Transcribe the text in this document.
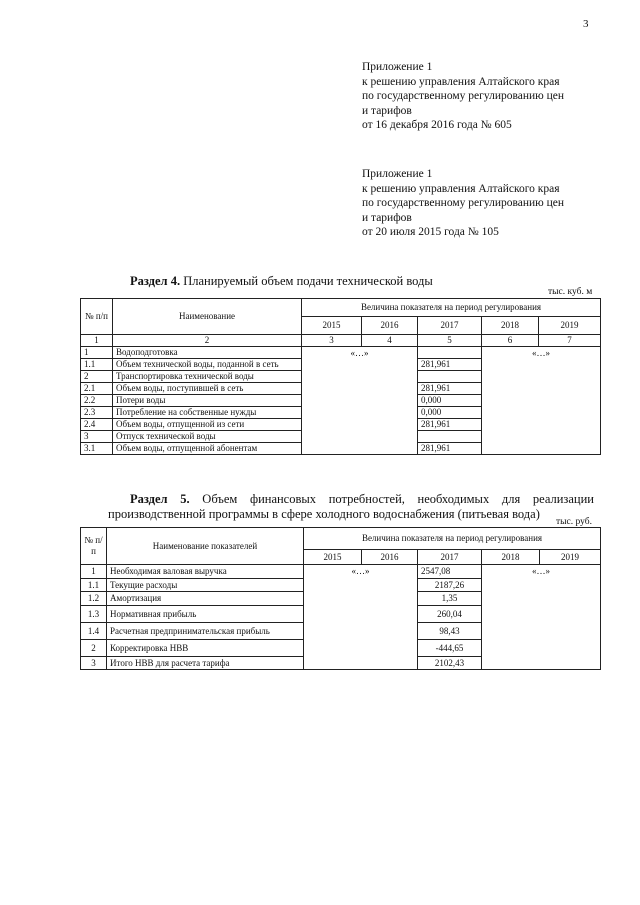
3
Приложение 1
к решению управления Алтайского края
по государственному регулированию цен
и тарифов
от 16 декабря 2016 года № 605
Приложение 1
к решению управления Алтайского края
по государственному регулированию цен
и тарифов
от 20 июля 2015 года № 105
Раздел 4. Планируемый объем подачи технической воды
тыс. куб. м
№ п/п	Наименование	Величина показателя на период регулирования				
		2015	2016	2017	2018	2019
1	2	3	4	5	6	7
1	Водоподготовка	«…»			«…»	
1.1	Объем технической воды, поданной в сеть			281,961		
2	Транспортировка технической воды					
2.1	Объем воды, поступившей в сеть			281,961		
2.2	Потери воды			0,000		
2.3	Потребление на собственные нужды			0,000		
2.4	Объем воды, отпущенной из сети			281,961		
3	Отпуск технической воды					
3.1	Объем воды, отпущенной абонентам			281,961		
Раздел 5. Объем финансовых потребностей, необходимых для реализации производственной программы в сфере холодного водоснабжения (питьевая вода)
тыс. руб.
№ п/ п	Наименование показателей	Величина показателя на период регулирования				
		2015	2016	2017	2018	2019
1	Необходимая валовая выручка	«…»		2547,08	«…»	
1.1	Текущие расходы			2187,26		
1.2	Амортизация			1,35		
1.3	Нормативная прибыль			260,04		
1.4	Расчетная предпринимательская прибыль			98,43		
2	Корректировка НВВ			-444,65		
3	Итого НВВ для расчета тарифа			2102,43		
